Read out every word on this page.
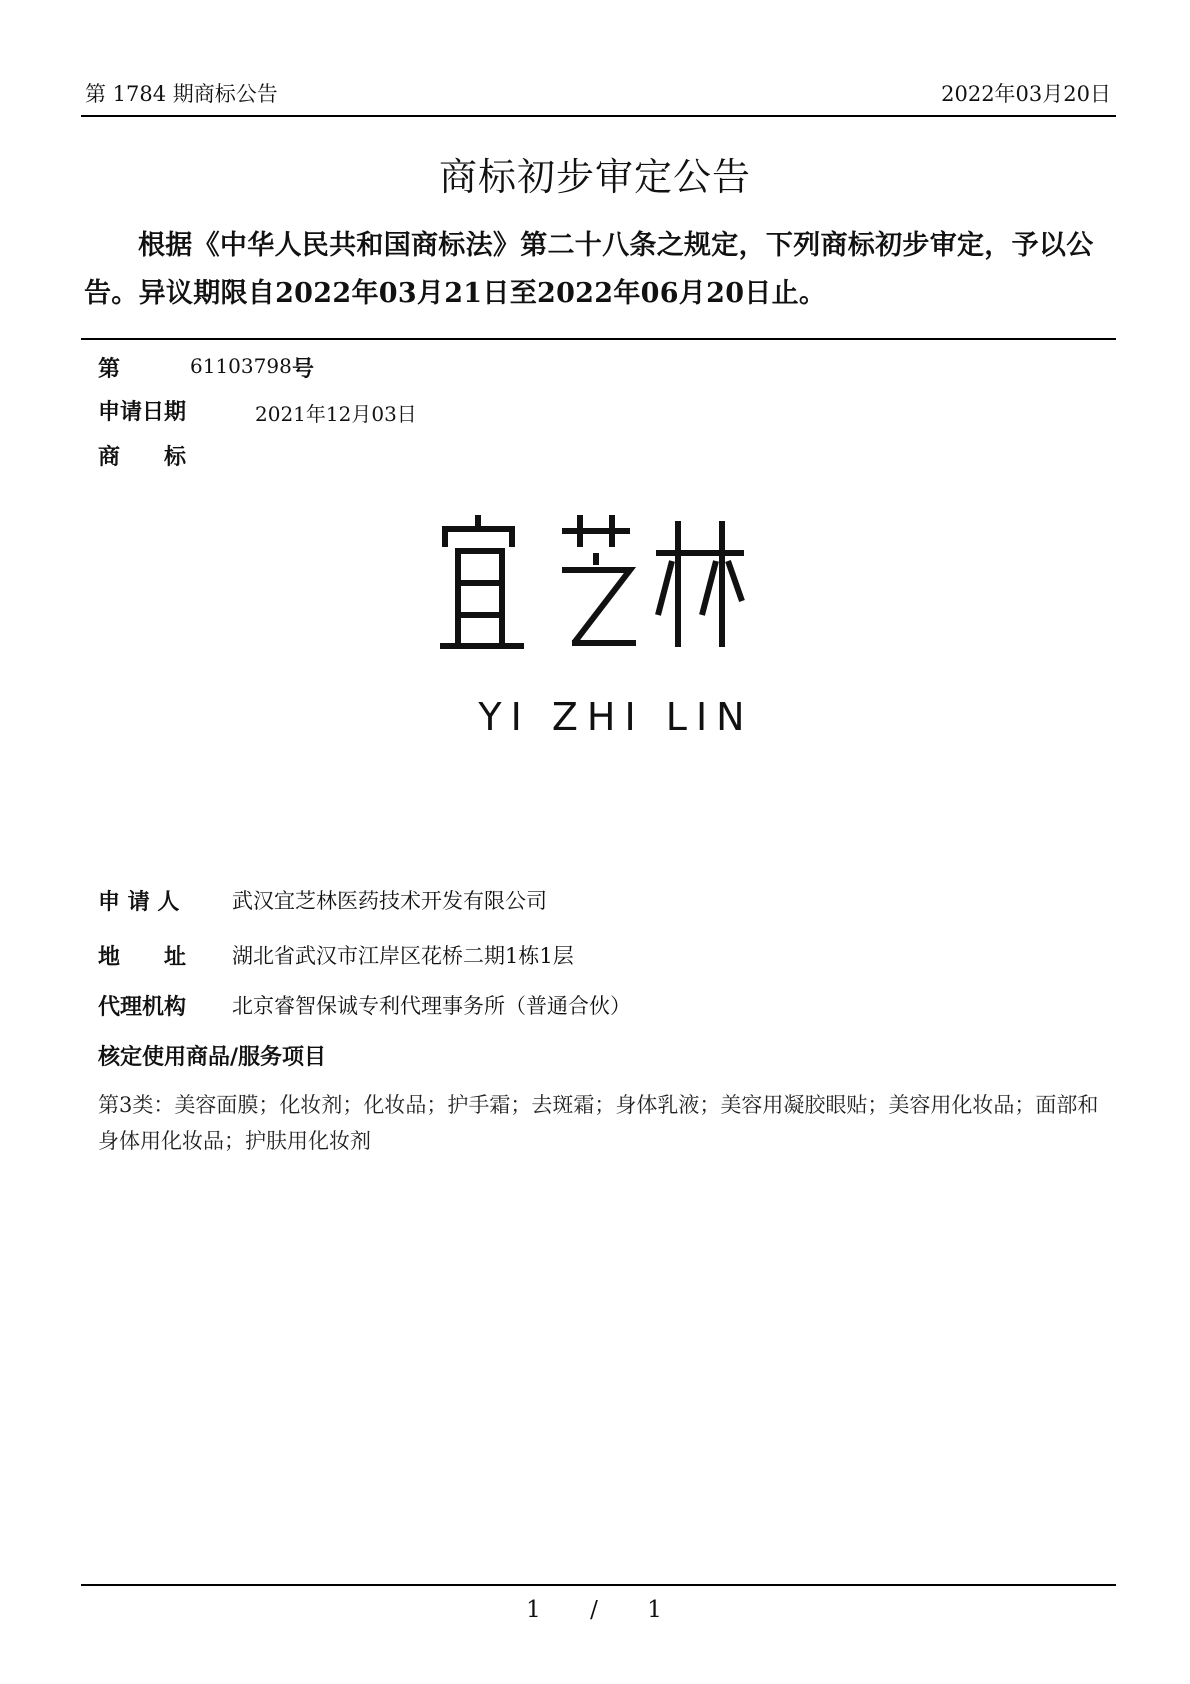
第 1784 期商标公告	2022年03月20日
商标初步审定公告
根据《中华人民共和国商标法》第二十八条之规定，下列商标初步审定，予以公告。异议期限自2022年03月21日至2022年06月20日止。
第	61103798 号
申请日期	2021年12月03日
商　　标
YI ZHI LIN
申 请 人	武汉宜芝林医药技术开发有限公司
地　　址 湖北省武汉市江岸区花桥二期1栋1层
代理机构 北京睿智保诚专利代理事务所（普通合伙）
核定使用商品/服务项目
第3类：美容面膜；化妆剂；化妆品；护手霜；去斑霜；身体乳液；美容用凝胶眼贴；美容用化妆品；面部和身体用化妆品；护肤用化妆剂
1 / 1
